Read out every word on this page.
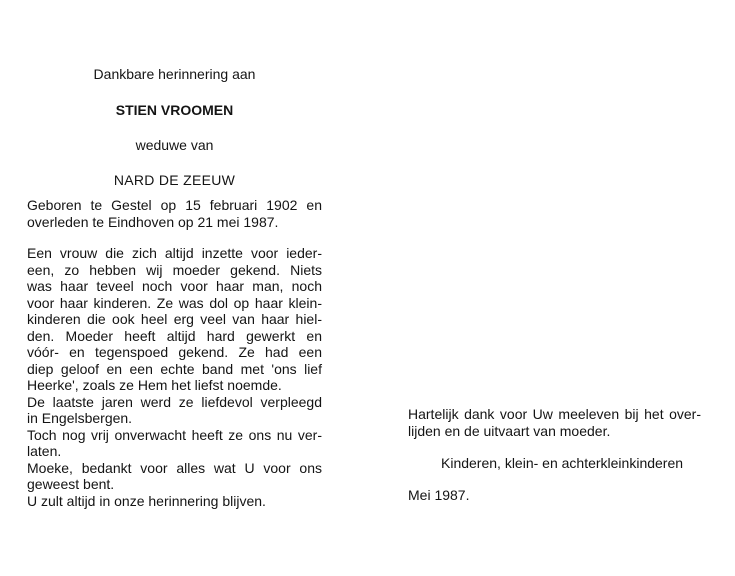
Dankbare herinnering aan
STIEN VROOMEN
weduwe van
NARD DE ZEEUW
Geboren te Gestel op 15 februari 1902 en
overleden te Eindhoven op 21 mei 1987.
Een vrouw die zich altijd inzette voor ieder-
een, zo hebben wij moeder gekend. Niets
was haar teveel noch voor haar man, noch
voor haar kinderen. Ze was dol op haar klein-
kinderen die ook heel erg veel van haar hiel-
den. Moeder heeft altijd hard gewerkt en
vóór- en tegenspoed gekend. Ze had een
diep geloof en een echte band met 'ons lief
Heerke', zoals ze Hem het liefst noemde.
De laatste jaren werd ze liefdevol verpleegd
in Engelsbergen.
Toch nog vrij onverwacht heeft ze ons nu ver-
laten.
Moeke, bedankt voor alles wat U voor ons
geweest bent.
U zult altijd in onze herinnering blijven.
Hartelijk dank voor Uw meeleven bij het over-
lijden en de uitvaart van moeder.
Kinderen, klein- en achterkleinkinderen
Mei 1987.
